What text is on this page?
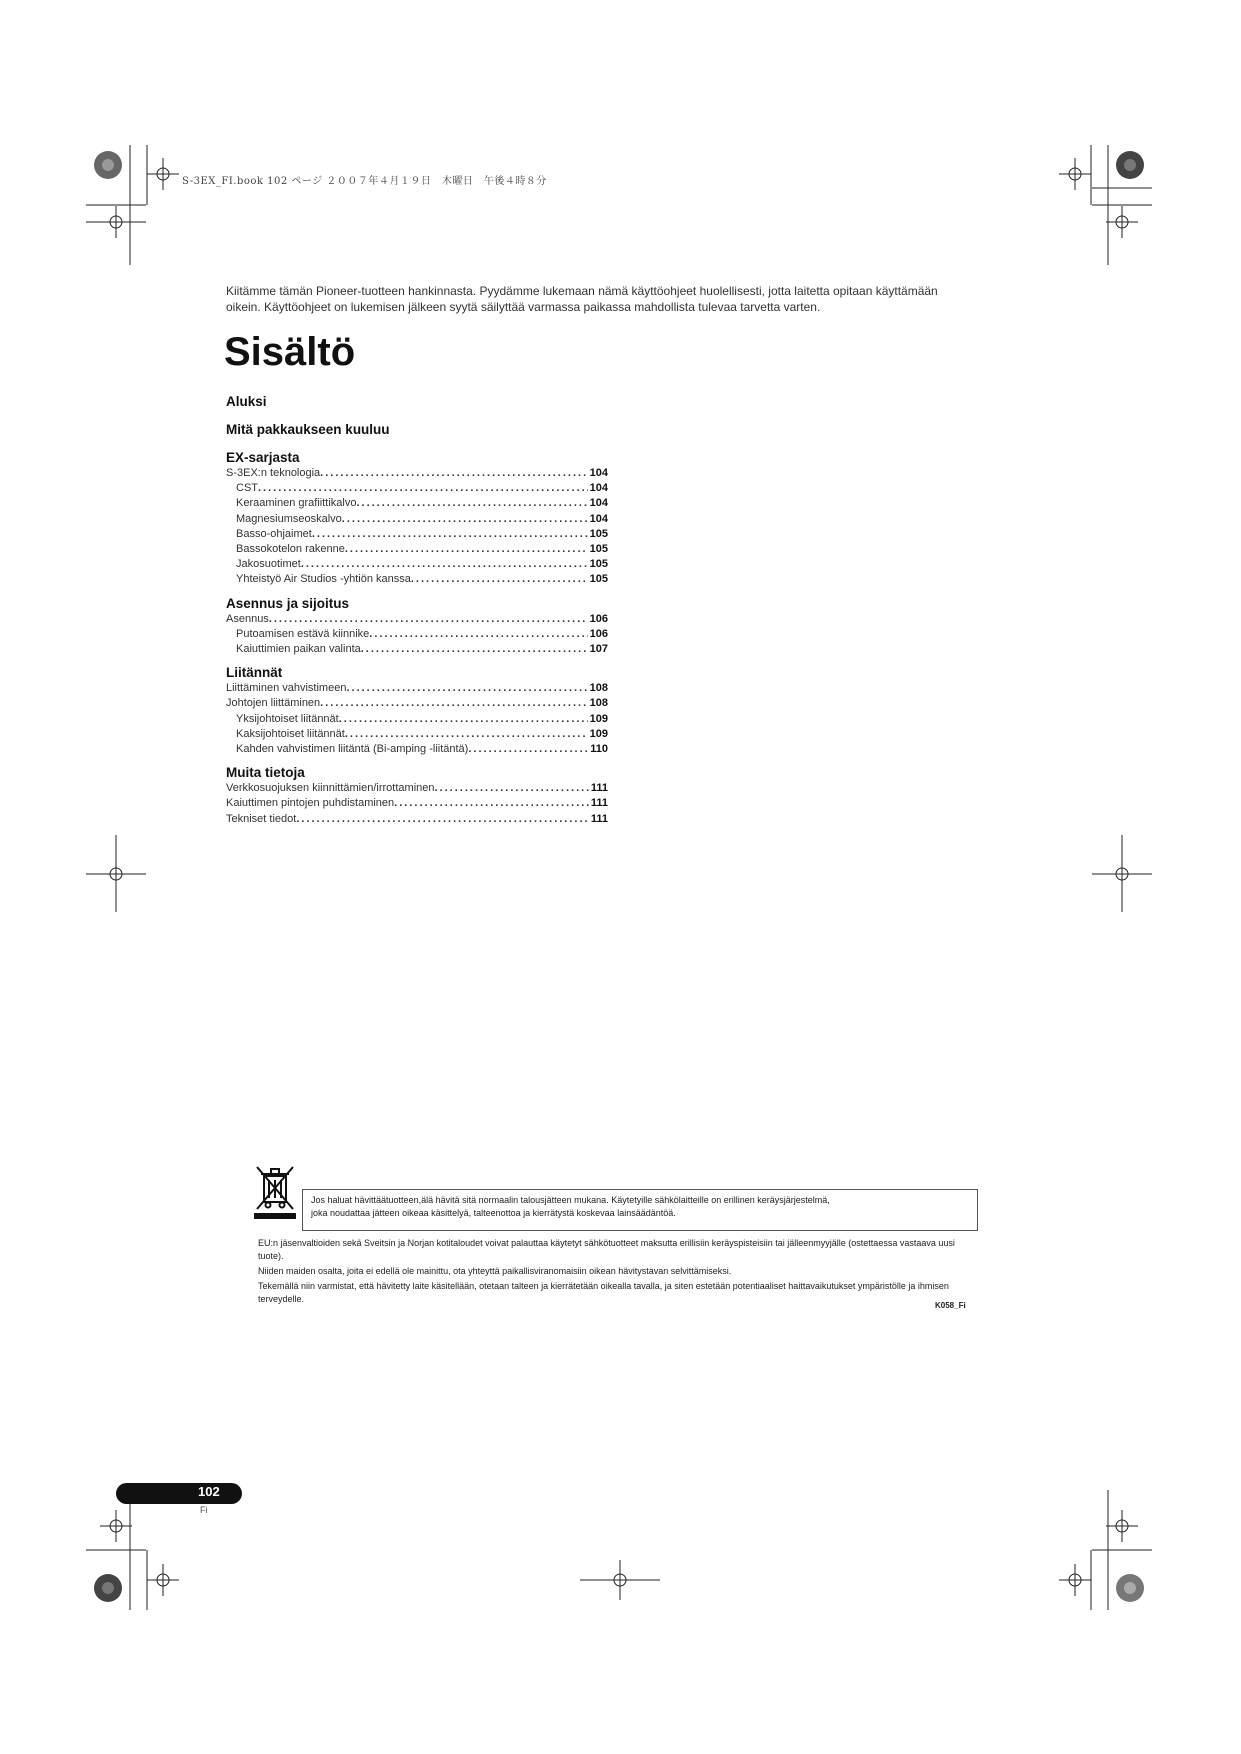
S-3EX_FI.book 102 ページ ２００７年４月１９日　木曜日　午後４時８分

Kiitämme tämän Pioneer-tuotteen hankinnasta. Pyydämme lukemaan nämä käyttöohjeet huolellisesti, jotta laitetta opitaan käyttämään

oikein. Käyttöohjeet on lukemisen jälkeen syytä säilyttää varmassa paikassa mahdollista tulevaa tarvetta varten.

Sisältö

Aluksi

Mitä pakkaukseen kuuluu

EX-sarjasta

S-3EX:n teknologia .....	104
CST .....	104
Keraaminen grafiittikalvo .....	104
Magnesiumseoskalvo .....	104
Basso-ohjaimet .....	105
Bassokotelon rakenne .....	105
Jakosuotimet .....	105
Yhteistyö Air Studios -yhtiön kanssa .....	105

Asennus ja sijoitus

Asennus .....	106
Putoamisen estävä kiinnike .....	106
Kaiuttimien paikan valinta .....	107

Liitännät

Liittäminen vahvistimeen .....	108
Johtojen liittäminen .....	108
Yksijohtoiset liitännät .....	109
Kaksijohtoiset liitännät .....	109
Kahden vahvistimen liitäntä (Bi-amping -liitäntä) .....	110

Muita tietoja

Verkkosuojuksen kiinnittämien/irrottaminen .....	111
Kaiuttimen pintojen puhdistaminen .....	111
Tekniset tiedot .....	111

Jos haluat hävittäätuotteen,älä hävitä sitä normaalin talousjätteen mukana. Käytetyille sähkölaitteille on erillinen keräysjärjestelmä,

joka noudattaa jätteen oikeaa käsittelyä, talteenottoa ja kierrätystä koskevaa lainsäädäntöä.

EU:n jäsenvaltioiden sekä Sveitsin ja Norjan kotitaloudet voivat palauttaa käytetyt sähkötuotteet maksutta erillisiin keräyspisteisiin tai jälleenmyyjälle (ostettaessa vastaava uusi tuote).

Niiden maiden osalta, joita ei edellä ole mainittu, ota yhteyttä paikallisviranomaisiin oikean hävitystavan selvittämiseksi.

Tekemällä niin varmistat, että hävitetty laite käsitellään, otetaan talteen ja kierrätetään oikealla tavalla, ja siten estetään potentiaaliset haittavaikutukset ympäristölle ja ihmisen terveydelle.

K058_Fi
102
Fi
